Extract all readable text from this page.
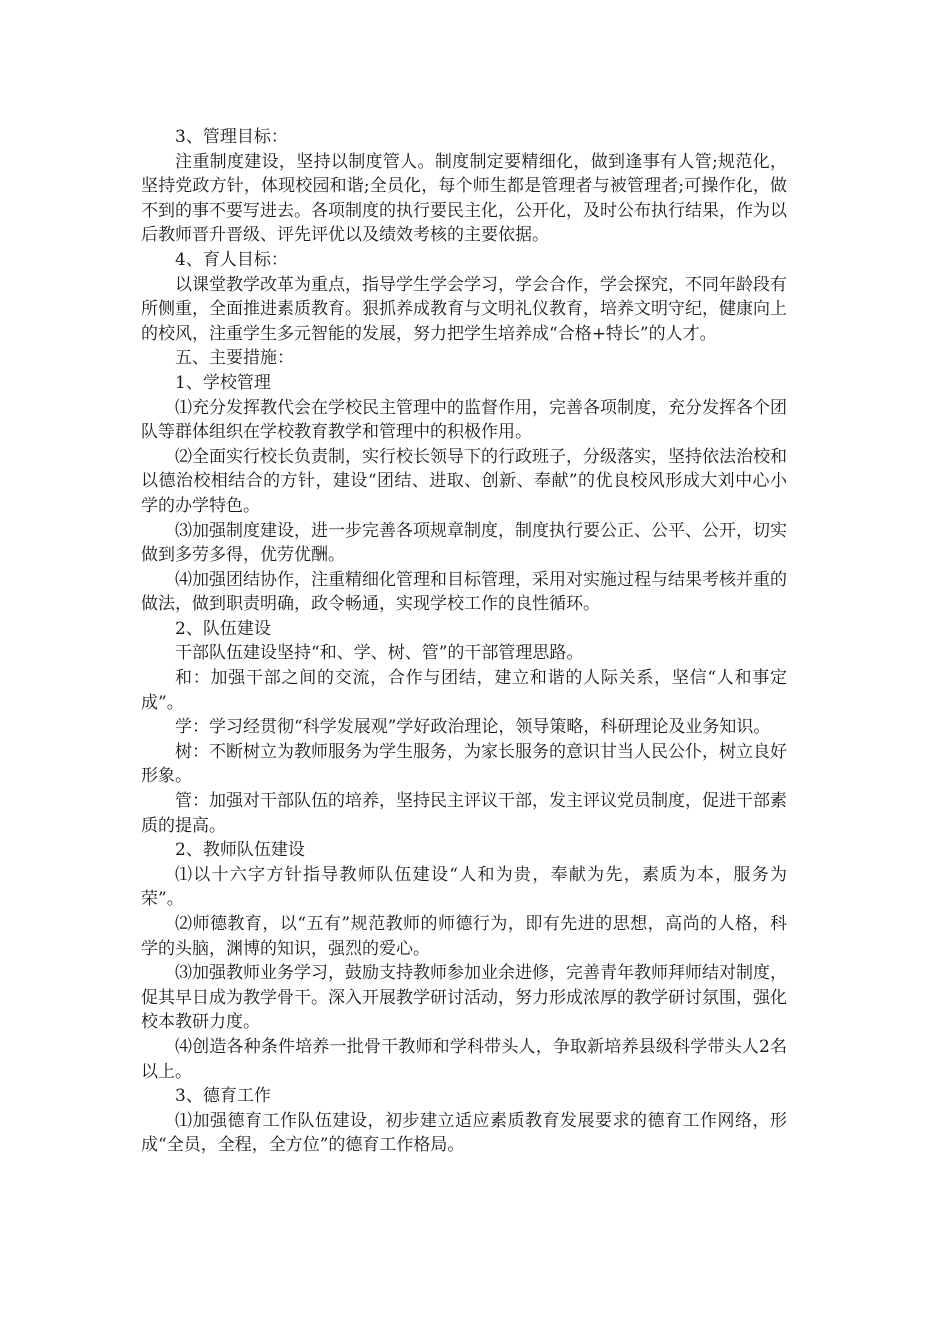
3、管理目标：

注重制度建设，坚持以制度管人。制度制定要精细化，做到逢事有人管;规范化，坚持党政方针，体现校园和谐;全员化，每个师生都是管理者与被管理者;可操作化，做不到的事不要写进去。各项制度的执行要民主化，公开化，及时公布执行结果，作为以后教师晋升晋级、评先评优以及绩效考核的主要依据。

4、育人目标：

以课堂教学改革为重点，指导学生学会学习，学会合作，学会探究，不同年龄段有所侧重，全面推进素质教育。狠抓养成教育与文明礼仪教育，培养文明守纪，健康向上的校风，注重学生多元智能的发展，努力把学生培养成“合格+特长”的人才。

五、主要措施：

1、学校管理

⑴充分发挥教代会在学校民主管理中的监督作用，完善各项制度，充分发挥各个团队等群体组织在学校教育教学和管理中的积极作用。

⑵全面实行校长负责制，实行校长领导下的行政班子，分级落实，坚持依法治校和以德治校相结合的方针，建设“团结、进取、创新、奉献”的优良校风形成大刘中心小学的办学特色。

⑶加强制度建设，进一步完善各项规章制度，制度执行要公正、公平、公开，切实做到多劳多得，优劳优酬。

⑷加强团结协作，注重精细化管理和目标管理，采用对实施过程与结果考核并重的做法，做到职责明确，政令畅通，实现学校工作的良性循环。

2、队伍建设

干部队伍建设坚持“和、学、树、管”的干部管理思路。

和：加强干部之间的交流，合作与团结，建立和谐的人际关系，坚信“人和事定成”。

学：学习经贯彻“科学发展观”学好政治理论，领导策略，科研理论及业务知识。

树：不断树立为教师服务为学生服务，为家长服务的意识甘当人民公仆，树立良好形象。

管：加强对干部队伍的培养，坚持民主评议干部，发主评议党员制度，促进干部素质的提高。

2、教师队伍建设

⑴以十六字方针指导教师队伍建设“人和为贵，奉献为先，素质为本，服务为荣”。

⑵师德教育，以“五有”规范教师的师德行为，即有先进的思想，高尚的人格，科学的头脑，渊博的知识，强烈的爱心。

⑶加强教师业务学习，鼓励支持教师参加业余进修，完善青年教师拜师结对制度，促其早日成为教学骨干。深入开展教学研讨活动，努力形成浓厚的教学研讨氛围，强化校本教研力度。

⑷创造各种条件培养一批骨干教师和学科带头人，争取新培养县级科学带头人2名以上。

3、德育工作

⑴加强德育工作队伍建设，初步建立适应素质教育发展要求的德育工作网络，形成“全员，全程，全方位”的德育工作格局。
